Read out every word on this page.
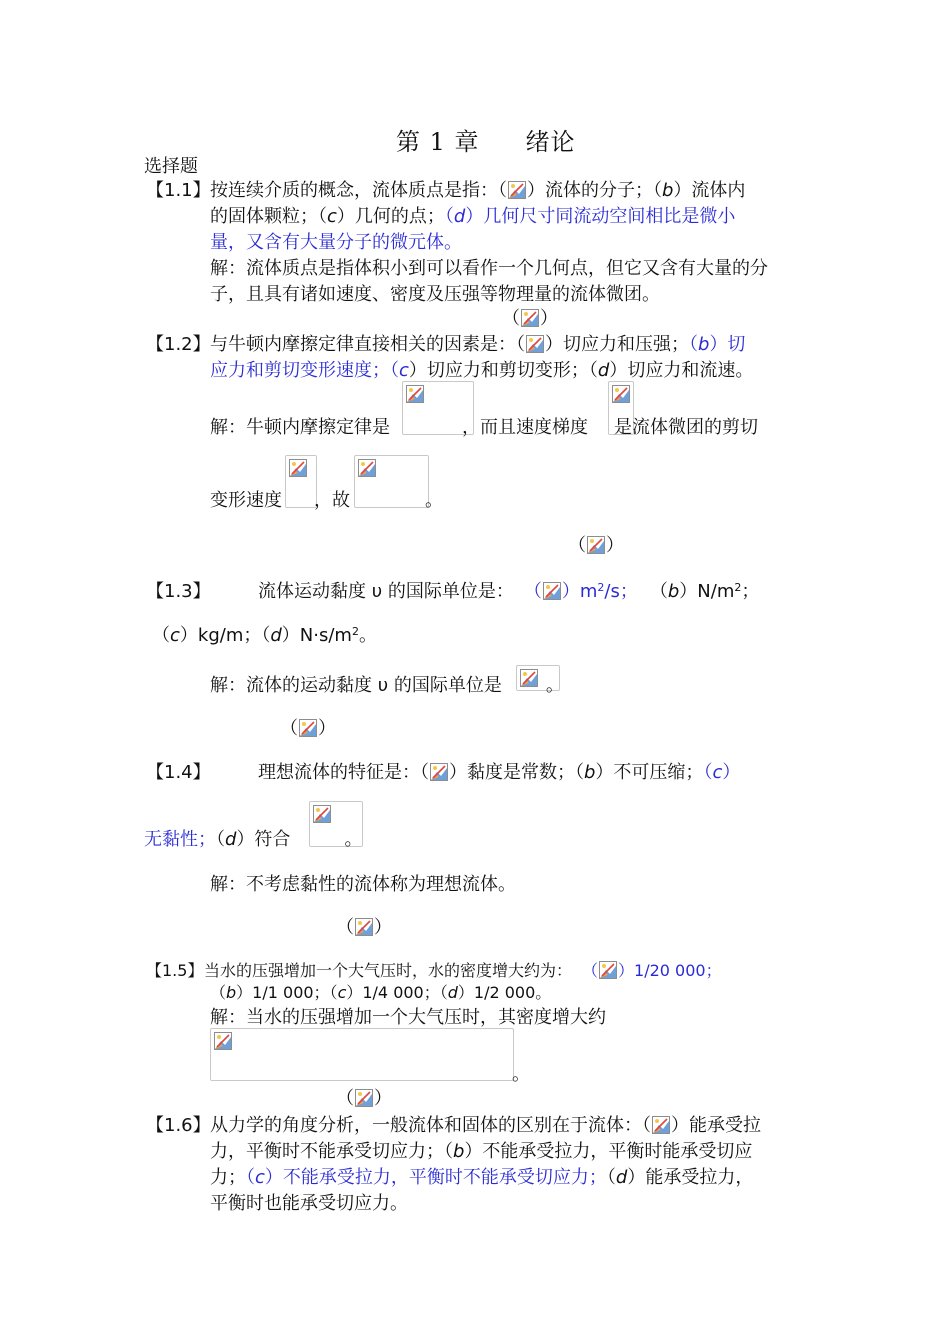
第 1 章 绪论
选择题
【1.1】 按连续介质的概念，流体质点是指：（ ）流体的分子；（b）流体内
的固体颗粒；（c）几何的点；（d）几何尺寸同流动空间相比是微小
量，又含有大量分子的微元体。
解：流体质点是指体积小到可以看作一个几何点，但它又含有大量的分
子，且具有诸如速度、密度及压强等物理量的流体微团。
（ ）
【1.2】 与牛顿内摩擦定律直接相关的因素是：（ ）切应力和压强；（b）切
应力和剪切变形速度；（c）切应力和剪切变形；（d）切应力和流速。
解：牛顿内摩擦定律是	，而且速度梯度 是流体微团的剪切
变形速度 ，故	。
（ ）
【1.3】	流体运动黏度 υ 的国际单位是： （ ）$m^2/s$； $(b)N/m^2$；
（c）kg/m；$(d)N\cdot s/m^2$。
解：流体的运动黏度 υ 的国际单位是 。
（ ）
【1.4】	理想流体的特征是：（ ）黏度是常数；（b）不可压缩；（c）
无黏性；（d）符合	。
解：不考虑黏性的流体称为理想流体。
（ ）
【1.5】 当水的压强增加一个大气压时，水的密度增大约为： （ ）1/20 000；
（b）1/1 000；（c）1/4 000；（d）1/2 000。
解：当水的压强增加一个大气压时，其密度增大约
。
（ ）
【1.6】 从力学的角度分析，一般流体和固体的区别在于流体：（ ）能承受拉
力，平衡时不能承受切应力；（b）不能承受拉力，平衡时能承受切应
力；（c）不能承受拉力，平衡时不能承受切应力；（d）能承受拉力，
平衡时也能承受切应力。
